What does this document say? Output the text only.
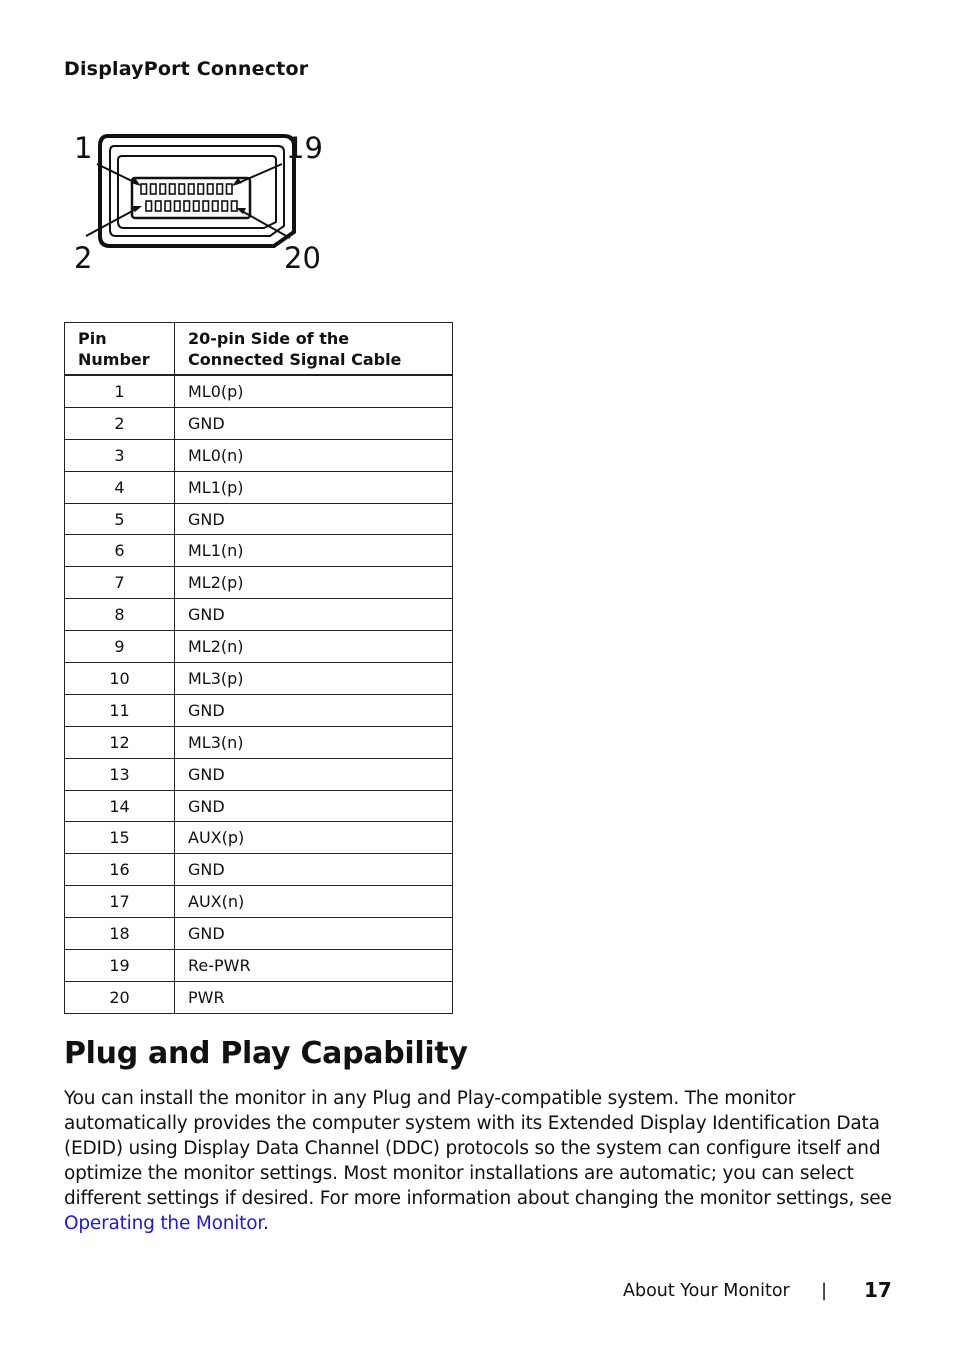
DisplayPort Connector
1	19
2	20
Pin
Number	20-pin Side of the Connected Signal Cable
1	ML0(p)
2	GND
3	ML0(n)
4	ML1(p)
5	GND
6	ML1(n)
7	ML2(p)
8	GND
9	ML2(n)
10	ML3(p)
11	GND
12	ML3(n)
13	GND
14	GND
15	AUX(p)
16	GND
17	AUX(n)
18	GND
19	Re-PWR
20	PWR
Plug and Play Capability

You can install the monitor in any Plug and Play-compatible system. The monitor automatically provides the computer system with its Extended Display Identification Data (EDID) using Display Data Channel (DDC) protocols so the system can configure itself and optimize the monitor settings. Most monitor installations are automatic; you can select different settings if desired. For more information about changing the monitor settings, see Operating the Monitor.

About Your Monitor | 17
